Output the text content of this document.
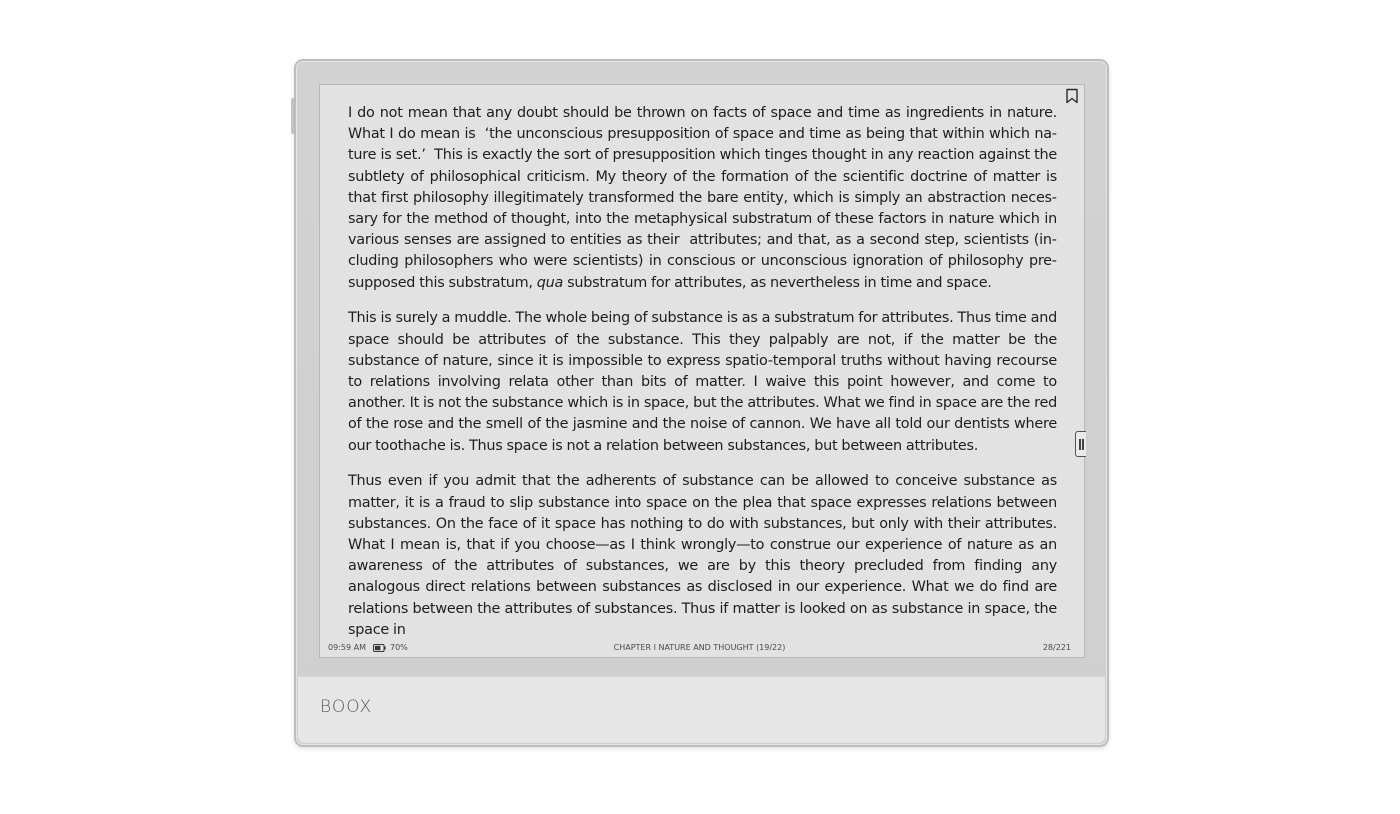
BOOX

I do not mean that any doubt should be thrown on facts of space and time as ingredients in nature. What I do mean is  ‘the unconscious presupposition of space and time as being that within which nature is set.’  This is exactly the sort of presupposition which tinges thought in any reaction against the subtlety of philosophical criticism. My theory of the formation of the scientific doctrine of matter is that first philosophy illegitimately transformed the bare entity, which is simply an abstraction necessary for the method of thought, into the metaphysical substratum of these factors in nature which in various senses are assigned to entities as their  attributes; and that, as a second step, scientists (including philosophers who were scientists) in conscious or unconscious ignoration of philosophy presupposed this substratum, qua substratum for attributes, as nevertheless in time and space.

This is surely a muddle. The whole being of substance is as a substratum for attributes. Thus time and space should be attributes of the substance. This they palpably are not, if the matter be the substance of nature, since it is impossible to express spatio-temporal truths without having recourse to relations involving relata other than bits of matter. I waive this point however, and come to another. It is not the substance which is in space, but the attributes. What we find in space are the red of the rose and the smell of the jasmine and the noise of cannon. We have all told our dentists where our toothache is. Thus space is not a relation between substances, but between attributes.

Thus even if you admit that the adherents of substance can be allowed to conceive substance as matter, it is a fraud to slip substance into space on the plea that space expresses relations between substances. On the face of it space has nothing to do with substances, but only with their attributes. What I mean is, that if you choose—as I think wrongly—to construe our experience of nature as an awareness of the attributes of substances, we are by this theory precluded from finding any analogous direct relations between substances as disclosed in our experience. What we do find are relations between the attributes of substances. Thus if matter is looked on as substance in space, the space in

09:59 AM	70%	CHAPTER I NATURE AND THOUGHT (19/22)	28/221
